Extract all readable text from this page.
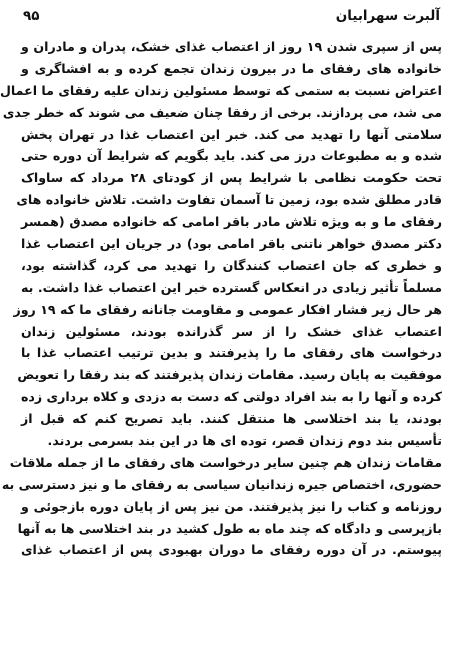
آلبرت سهرابیان
۹۵
پس از سپری شدن ۱۹ روز از اعتصاب غذای خشک، پدران و مادران و
خانواده های رفقای ما در بیرون زندان تجمع کرده و به افشاگری و
اعتراض نسبت به ستمی که توسط مسئولین زندان علیه رفقای ما اعمال
می شد، می پردازند. برخی از رفقا چنان ضعیف می شوند که خطر جدی
سلامتی آنها را تهدید می کند. خبر این اعتصاب غذا در تهران پخش
شده و به مطبوعات درز می کند. باید بگویم که شرایط آن دوره حتی
تحت حکومت نظامی با شرایط پس از کودتای ۲۸ مرداد که ساواک
قادر مطلق شده بود، زمین تا آسمان تفاوت داشت. تلاش خانواده های
رفقای ما و به ویژه تلاش مادر باقر امامی که خانواده مصدق (همسر
دکتر مصدق خواهر ناتنی باقر امامی بود) در جریان این اعتصاب غذا
و خطری که جان اعتصاب کنندگان را تهدید می کرد، گذاشته بود،
مسلماً تأثیر زیادی در انعکاس گسترده خبر این اعتصاب غذا داشت. به
هر حال زیر فشار افکار عمومی و مقاومت جانانه رفقای ما که ۱۹ روز
اعتصاب غذای خشک را از سر گذرانده بودند، مسئولین زندان
درخواست های رفقای ما را پذیرفتند و بدین ترتیب اعتصاب غذا با
موفقیت به پایان رسید. مقامات زندان پذیرفتند که بند رفقا را تعویض
کرده و آنها را به بند افراد دولتی که دست به دزدی و کلاه برداری زده
بودند، یا بند اختلاسی ها منتقل کنند. باید تصریح کنم که قبل از
تأسیس بند دوم زندان قصر، توده ای ها در این بند بسرمی بردند.
مقامات زندان هم چنین سایر درخواست های رفقای ما از جمله ملاقات
حضوری، اختصاص جیره زندانیان سیاسی به رفقای ما و نیز دسترسی به
روزنامه و کتاب را نیز پذیرفتند. من نیز پس از پایان دوره بازجوئی و
بازپرسی و دادگاه که چند ماه به طول کشید در بند اختلاسی ها به آنها
پیوستم. در آن دوره رفقای ما دوران بهبودی پس از اعتصاب غذای
